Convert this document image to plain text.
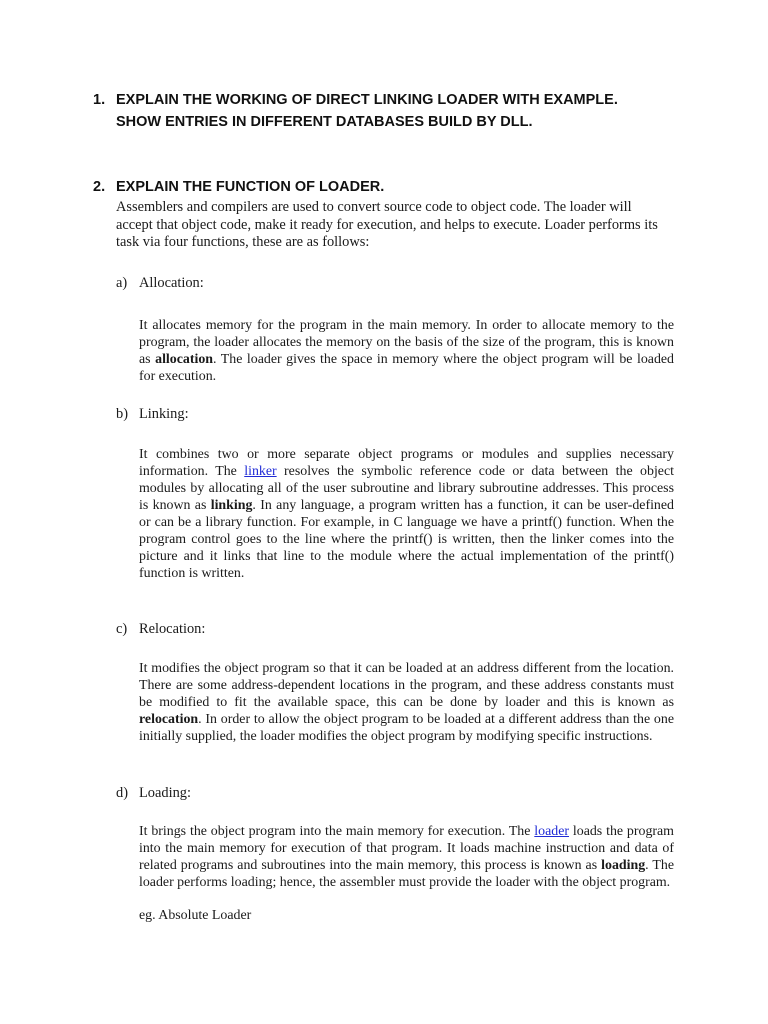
1. EXPLAIN THE WORKING OF DIRECT LINKING LOADER WITH EXAMPLE.
SHOW ENTRIES IN DIFFERENT DATABASES BUILD BY DLL.
2. EXPLAIN THE FUNCTION OF LOADER.
Assemblers and compilers are used to convert source code to object code. The loader will accept that object code, make it ready for execution, and helps to execute. Loader performs its task via four functions, these are as follows:
a) Allocation:
It allocates memory for the program in the main memory. In order to allocate memory to the program, the loader allocates the memory on the basis of the size of the program, this is known as allocation. The loader gives the space in memory where the object program will be loaded for execution.
b) Linking:
It combines two or more separate object programs or modules and supplies necessary information. The linker resolves the symbolic reference code or data between the object modules by allocating all of the user subroutine and library subroutine addresses. This process is known as linking. In any language, a program written has a function, it can be user-defined or can be a library function. For example, in C language we have a printf() function. When the program control goes to the line where the printf() is written, then the linker comes into the picture and it links that line to the module where the actual implementation of the printf() function is written.
c) Relocation:
It modifies the object program so that it can be loaded at an address different from the location. There are some address-dependent locations in the program, and these address constants must be modified to fit the available space, this can be done by loader and this is known as relocation. In order to allow the object program to be loaded at a different address than the one initially supplied, the loader modifies the object program by modifying specific instructions.
d) Loading:
It brings the object program into the main memory for execution. The loader loads the program into the main memory for execution of that program. It loads machine instruction and data of related programs and subroutines into the main memory, this process is known as loading. The loader performs loading; hence, the assembler must provide the loader with the object program.
eg. Absolute Loader
